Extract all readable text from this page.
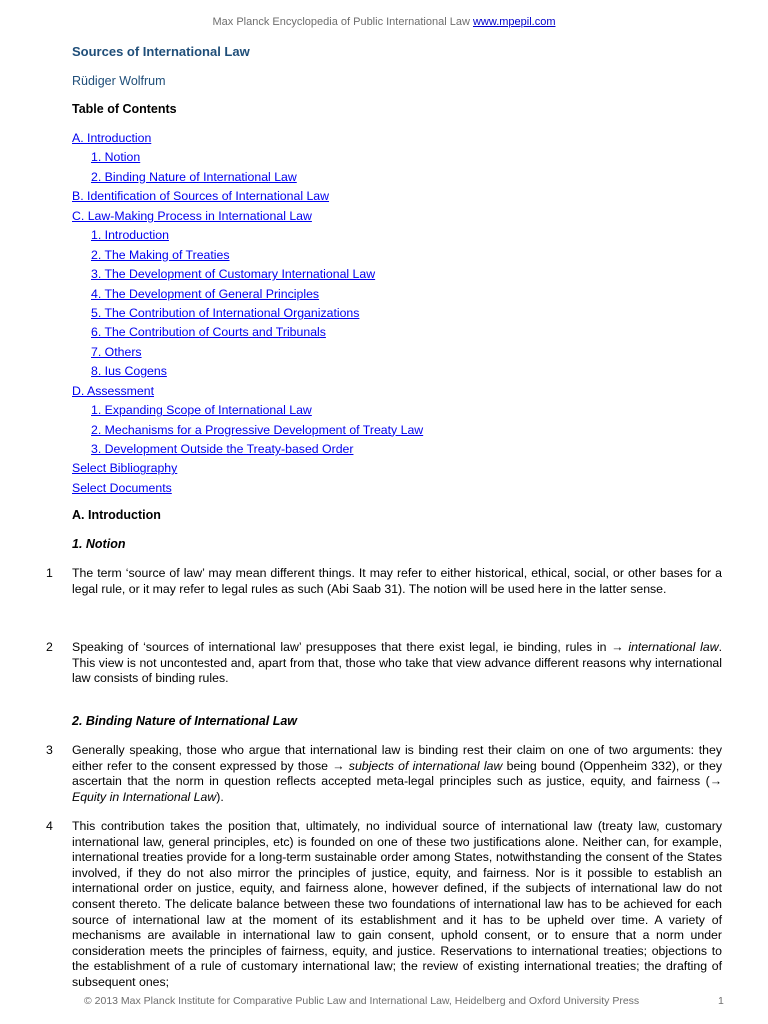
Max Planck Encyclopedia of Public International Law www.mpepil.com
Sources of International Law
Rüdiger Wolfrum
Table of Contents
A. Introduction
1. Notion
2. Binding Nature of International Law
B. Identification of Sources of International Law
C. Law-Making Process in International Law
1. Introduction
2. The Making of Treaties
3. The Development of Customary International Law
4. The Development of General Principles
5. The Contribution of International Organizations
6. The Contribution of Courts and Tribunals
7. Others
8. Ius Cogens
D. Assessment
1. Expanding Scope of International Law
2. Mechanisms for a Progressive Development of Treaty Law
3. Development Outside the Treaty-based Order
Select Bibliography
Select Documents
A. Introduction
1. Notion
1 The term ‘source of law’ may mean different things. It may refer to either historical, ethical, social, or other bases for a legal rule, or it may refer to legal rules as such (Abi Saab 31). The notion will be used here in the latter sense.
2 Speaking of ‘sources of international law’ presupposes that there exist legal, ie binding, rules in → international law. This view is not uncontested and, apart from that, those who take that view advance different reasons why international law consists of binding rules.
2. Binding Nature of International Law
3 Generally speaking, those who argue that international law is binding rest their claim on one of two arguments: they either refer to the consent expressed by those → subjects of international law being bound (Oppenheim 332), or they ascertain that the norm in question reflects accepted meta-legal principles such as justice, equity, and fairness (→ Equity in International Law).
4 This contribution takes the position that, ultimately, no individual source of international law (treaty law, customary international law, general principles, etc) is founded on one of these two justifications alone. Neither can, for example, international treaties provide for a long-term sustainable order among States, notwithstanding the consent of the States involved, if they do not also mirror the principles of justice, equity, and fairness. Nor is it possible to establish an international order on justice, equity, and fairness alone, however defined, if the subjects of international law do not consent thereto. The delicate balance between these two foundations of international law has to be achieved for each source of international law at the moment of its establishment and it has to be upheld over time. A variety of mechanisms are available in international law to gain consent, uphold consent, or to ensure that a norm under consideration meets the principles of fairness, equity, and justice. Reservations to international treaties; objections to the establishment of a rule of customary international law; the review of existing international treaties; the drafting of subsequent ones;
© 2013 Max Planck Institute for Comparative Public Law and International Law, Heidelberg and Oxford University Press	1
